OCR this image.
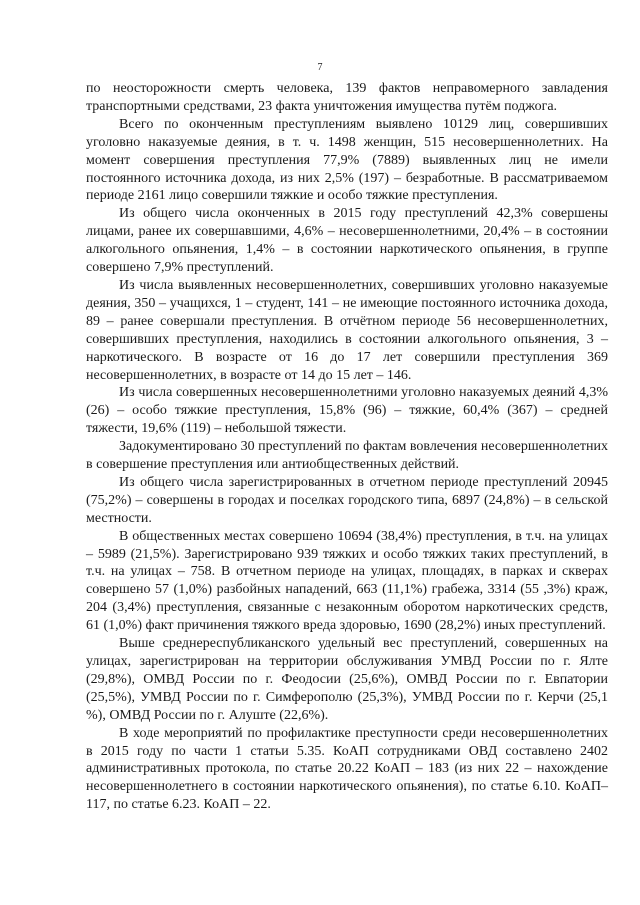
7

по неосторожности смерть человека, 139 фактов неправомерного завладения транспортными средствами, 23 факта уничтожения имущества путём поджога.

Всего по оконченным преступлениям выявлено 10129 лиц, совершивших уголовно наказуемые деяния, в т. ч. 1498 женщин, 515 несовершеннолетних. На момент совершения преступления 77,9% (7889) выявленных лиц не имели постоянного источника дохода, из них 2,5% (197) – безработные. В рассматриваемом периоде 2161 лицо совершили тяжкие и особо тяжкие преступления.

Из общего числа оконченных в 2015 году преступлений 42,3% совершены лицами, ранее их совершавшими, 4,6% – несовершеннолетними, 20,4% – в состоянии алкогольного опьянения, 1,4% – в состоянии наркотического опьянения, в группе совершено 7,9% преступлений.

Из числа выявленных несовершеннолетних, совершивших уголовно наказуемые деяния, 350 – учащихся, 1 – студент, 141 – не имеющие постоянного источника дохода, 89 – ранее совершали преступления. В отчётном периоде 56 несовершеннолетних, совершивших преступления, находились в состоянии алкогольного опьянения, 3 – наркотического. В возрасте от 16 до 17 лет совершили преступления 369 несовершеннолетних, в возрасте от 14 до 15 лет – 146.

Из числа совершенных несовершеннолетними уголовно наказуемых деяний 4,3% (26) – особо тяжкие преступления, 15,8% (96) – тяжкие, 60,4% (367) – средней тяжести, 19,6% (119) – небольшой тяжести.

Задокументировано 30 преступлений по фактам вовлечения несовершеннолетних в совершение преступления или антиобщественных действий.

Из общего числа зарегистрированных в отчетном периоде преступлений 20945 (75,2%) – совершены в городах и поселках городского типа, 6897 (24,8%) – в сельской местности.

В общественных местах совершено 10694 (38,4%) преступления, в т.ч. на улицах – 5989 (21,5%). Зарегистрировано 939 тяжких и особо тяжких таких преступлений, в т.ч. на улицах – 758. В отчетном периоде на улицах, площадях, в парках и скверах совершено 57 (1,0%) разбойных нападений, 663 (11,1%) грабежа, 3314 (55 ,3%) краж, 204 (3,4%) преступления, связанные с незаконным оборотом наркотических средств, 61 (1,0%) факт причинения тяжкого вреда здоровью, 1690 (28,2%) иных преступлений.

Выше среднереспубликанского удельный вес преступлений, совершенных на улицах, зарегистрирован на территории обслуживания УМВД России по г. Ялте (29,8%), ОМВД России по г. Феодосии (25,6%), ОМВД России по г. Евпатории (25,5%), УМВД России по г. Симферополю (25,3%), УМВД России по г. Керчи (25,1 %), ОМВД России по г. Алуште (22,6%).

В ходе мероприятий по профилактике преступности среди несовершеннолетних в 2015 году по части 1 статьи 5.35. КоАП сотрудниками ОВД составлено 2402 административных протокола, по статье 20.22 КоАП – 183 (из них 22 – нахождение несовершеннолетнего в состоянии наркотического опьянения), по статье 6.10. КоАП–117, по статье 6.23. КоАП – 22.
